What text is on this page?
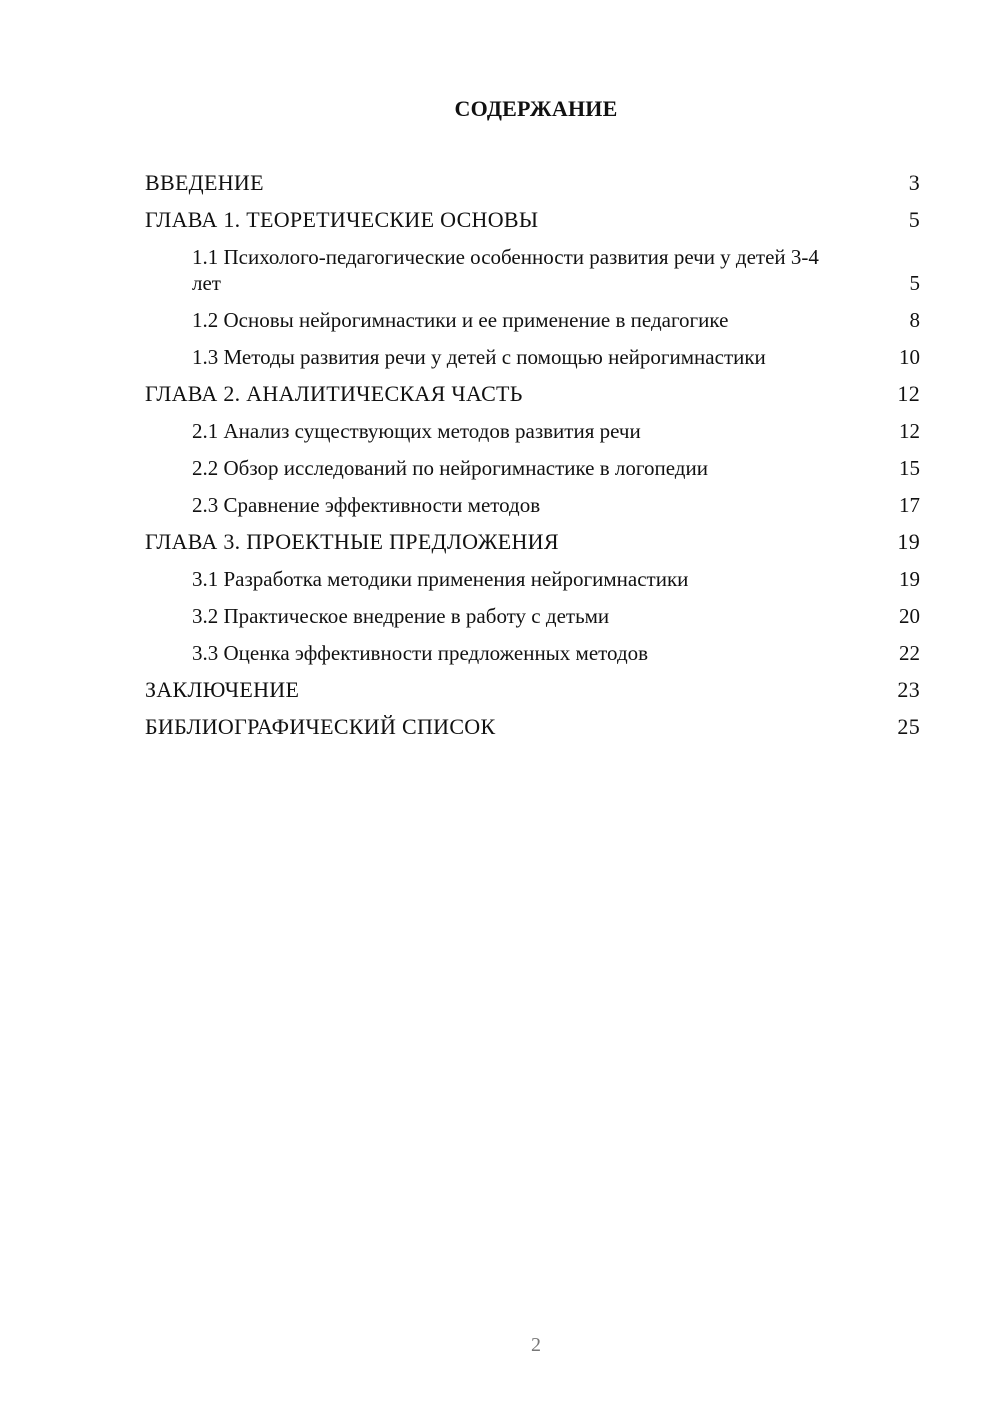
СОДЕРЖАНИЕ
ВВЕДЕНИЕ	3
ГЛАВА 1. ТЕОРЕТИЧЕСКИЕ ОСНОВЫ	5
1.1 Психолого-педагогические особенности развития речи у детей 3-4 лет	5
1.2 Основы нейрогимнастики и ее применение в педагогике	8
1.3 Методы развития речи у детей с помощью нейрогимнастики	10
ГЛАВА 2. АНАЛИТИЧЕСКАЯ ЧАСТЬ	12
2.1 Анализ существующих методов развития речи	12
2.2 Обзор исследований по нейрогимнастике в логопедии	15
2.3 Сравнение эффективности методов	17
ГЛАВА 3. ПРОЕКТНЫЕ ПРЕДЛОЖЕНИЯ	19
3.1 Разработка методики применения нейрогимнастики	19
3.2 Практическое внедрение в работу с детьми	20
3.3 Оценка эффективности предложенных методов	22
ЗАКЛЮЧЕНИЕ	23
БИБЛИОГРАФИЧЕСКИЙ СПИСОК	25
2
